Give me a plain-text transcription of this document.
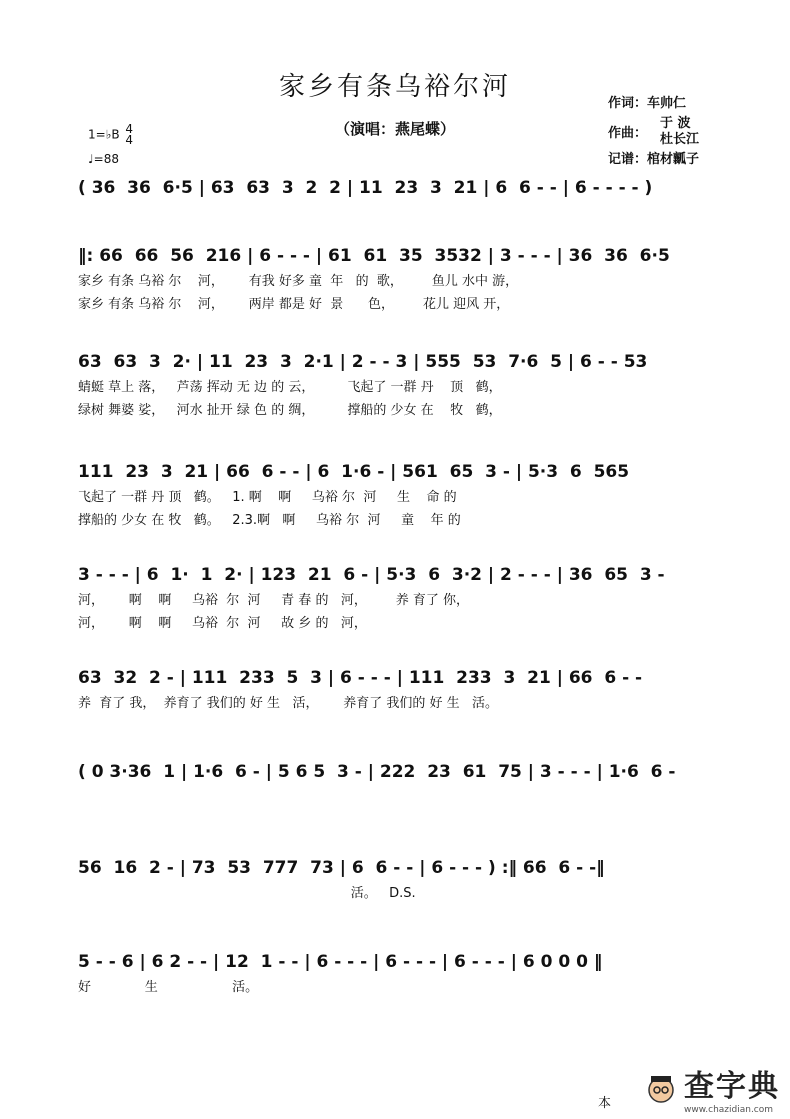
家乡有条乌裕尔河
（演唱：燕尾蝶）
作词：车帅仁
作曲：
于 波
杜长江
记谱：棺材瓤子
1=♭B 4
4
♩=88
( 36  36  6·5 | 63  63  3  2  2 | 11  23  3  21 | 6  6 - - | 6 - - - - )
‖: 66  66  56  216 | 6 - - - | 61  61  35  3532 | 3 - - - | 36  36  6·5
家乡 有条 乌裕 尔    河，      有我 好多 童  年   的  歌，       鱼儿 水中 游，
家乡 有条 乌裕 尔    河，      两岸 都是 好  景      色，       花儿 迎风 开，
63  63  3  2· | 11  23  3  2·1 | 2 - - 3 | 555  53  7·6  5 | 6 - - 53
蜻蜓 草上 落，   芦荡 挥动 无 边 的 云，        飞起了 一群 丹    顶   鹤，
绿树 舞婆 娑，   河水 扯开 绿 色 的 绸，        撑船的 少女 在    牧   鹤，
111  23  3  21 | 66  6 - - | 6  1·6 - | 561  65  3 - | 5·3  6  565
飞起了 一群 丹 顶   鹤。   1. 啊    啊     乌裕 尔  河     生    命 的
撑船的 少女 在 牧   鹤。   2.3.啊   啊     乌裕 尔  河     童    年 的
3 - - - | 6  1·  1  2· | 123  21  6 - | 5·3  6  3·2 | 2 - - - | 36  65  3 -
河，      啊    啊     乌裕  尔  河     青 春 的   河，       养 育了 你，
河，      啊    啊     乌裕  尔  河     故 乡 的   河，
63  32  2 - | 111  233  5  3 | 6 - - - | 111  233  3  21 | 66  6 - -
养  育了 我，  养育了 我们的 好 生   活，      养育了 我们的 好 生   活。
( 0 3·36  1 | 1·6  6 - | 5 6 5  3 - | 222  23  61  75 | 3 - - - | 1·6  6 -
56  16  2 - | 73  53  777  73 | 6  6 - - | 6 - - - ) :‖ 66  6 - -‖
活。   D.S.
5 - - 6 | 6 2 - - | 12  1 - - | 6 - - - | 6 - - - | 6 - - - | 6 0 0 0 ‖
好             生                  活。
本 查字典
www.chazidian.com
